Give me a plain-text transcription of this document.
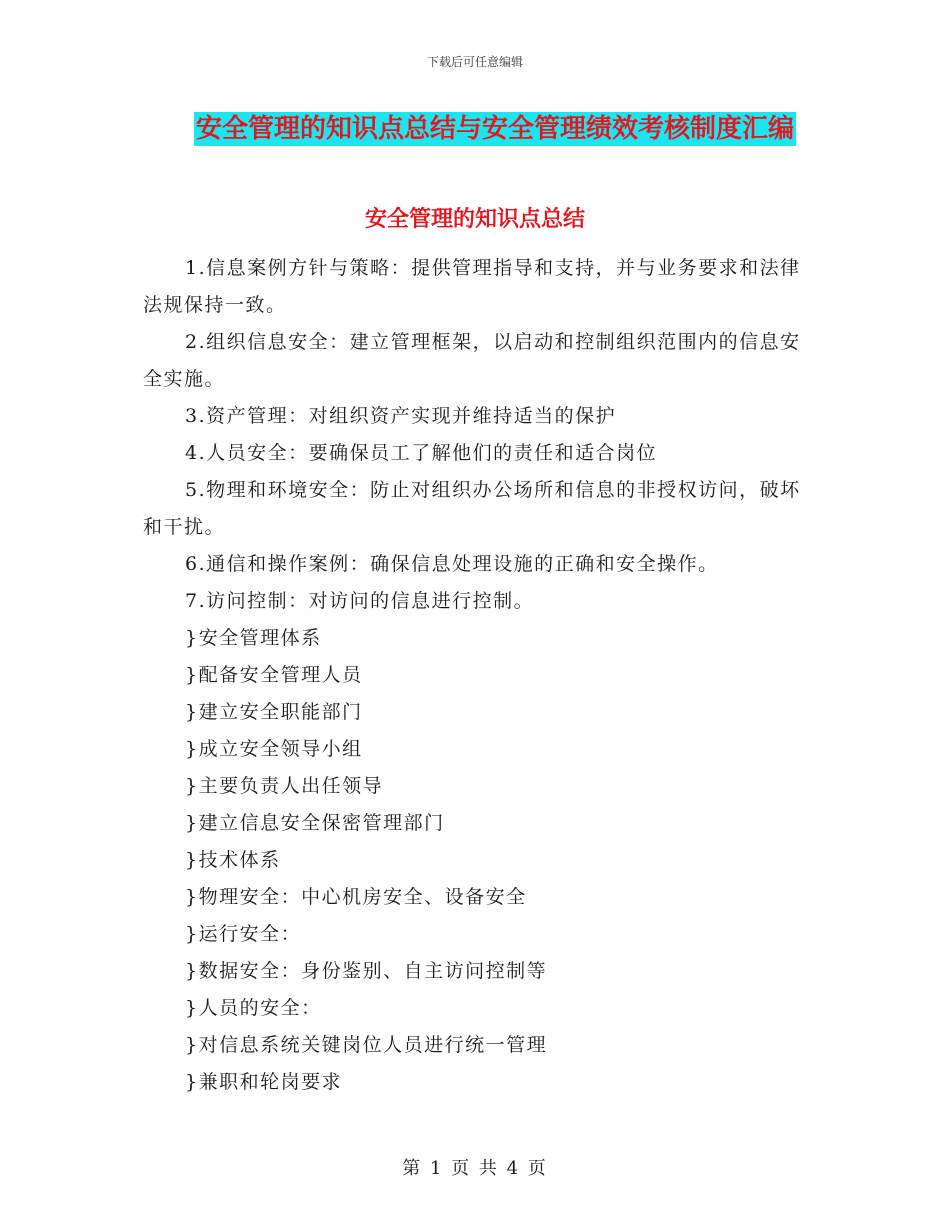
下载后可任意编辑
安全管理的知识点总结与安全管理绩效考核制度汇编
安全管理的知识点总结

1.信息案例方针与策略：提供管理指导和支持，并与业务要求和法律法规保持一致。

2.组织信息安全：建立管理框架，以启动和控制组织范围内的信息安全实施。

3.资产管理：对组织资产实现并维持适当的保护

4.人员安全：要确保员工了解他们的责任和适合岗位

5.物理和环境安全：防止对组织办公场所和信息的非授权访问，破坏和干扰。

6.通信和操作案例：确保信息处理设施的正确和安全操作。

7.访问控制：对访问的信息进行控制。

}安全管理体系

}配备安全管理人员

}建立安全职能部门

}成立安全领导小组

}主要负责人出任领导

}建立信息安全保密管理部门

}技术体系

}物理安全：中心机房安全、设备安全

}运行安全：

}数据安全：身份鉴别、自主访问控制等

}人员的安全：

}对信息系统关键岗位人员进行统一管理

}兼职和轮岗要求

第 1 页 共 4 页
